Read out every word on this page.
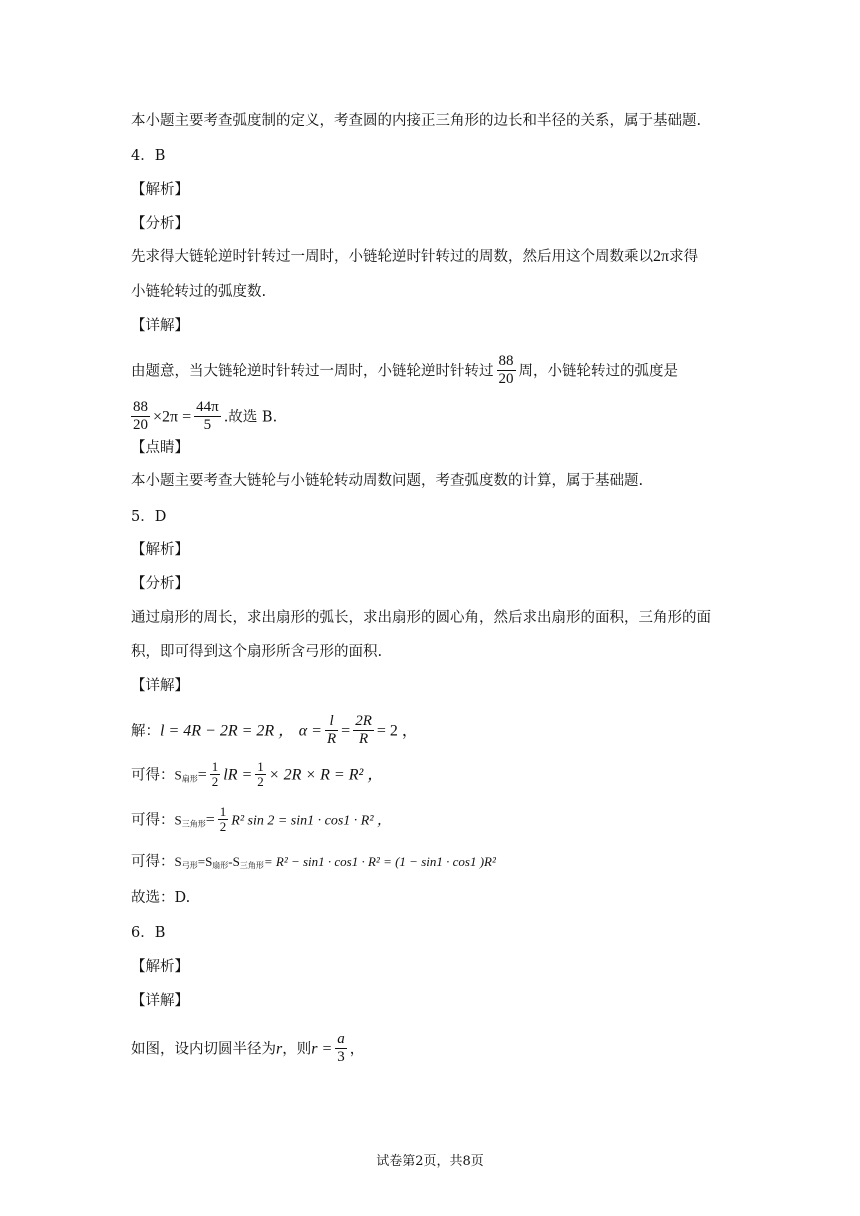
本小题主要考查弧度制的定义，考查圆的内接正三角形的边长和半径的关系，属于基础题.
4．B
【解析】
【分析】
先求得大链轮逆时针转过一周时，小链轮逆时针转过的周数，然后用这个周数乘以2π求得
小链轮转过的弧度数.
【详解】
由题意，当大链轮逆时针转过一周时，小链轮逆时针转过 $\frac{88}{20}$ 周，小链轮转过的弧度是
$\frac{88}{20} \times 2\pi = \frac{44\pi}{5}$ .故选 B.
【点睛】
本小题主要考查大链轮与小链轮转动周数问题，考查弧度数的计算，属于基础题.
5．D
【解析】
【分析】
通过扇形的周长，求出扇形的弧长，求出扇形的圆心角，然后求出扇形的面积，三角形的面
积，即可得到这个扇形所含弓形的面积.
【详解】
解：l = 4R − 2R = 2R ， $\alpha = \frac{l}{R} = \frac{2R}{R} = 2$ ，
可得：$S_{扇形}= \frac{1}{2}$ lR = $\frac{1}{2} \times 2R \times R = R^2$ ，
可得：$S_{三角形}= \frac{1}{2} R^2$ sin 2 = sin1 · cos1 · R² ，
可得：$S_{弓形}=S_{扇形}-S_{三角形}= R^2 - \sin 1 \cdot \cos 1 \cdot R^2 = (1 - \sin 1 \cdot \cos 1$ )R²
故选：D.
6．B
【解析】
【详解】
如图，设内切圆半径为r，则$r = \frac{a}{3}$ ，
试卷第2页，共8页
